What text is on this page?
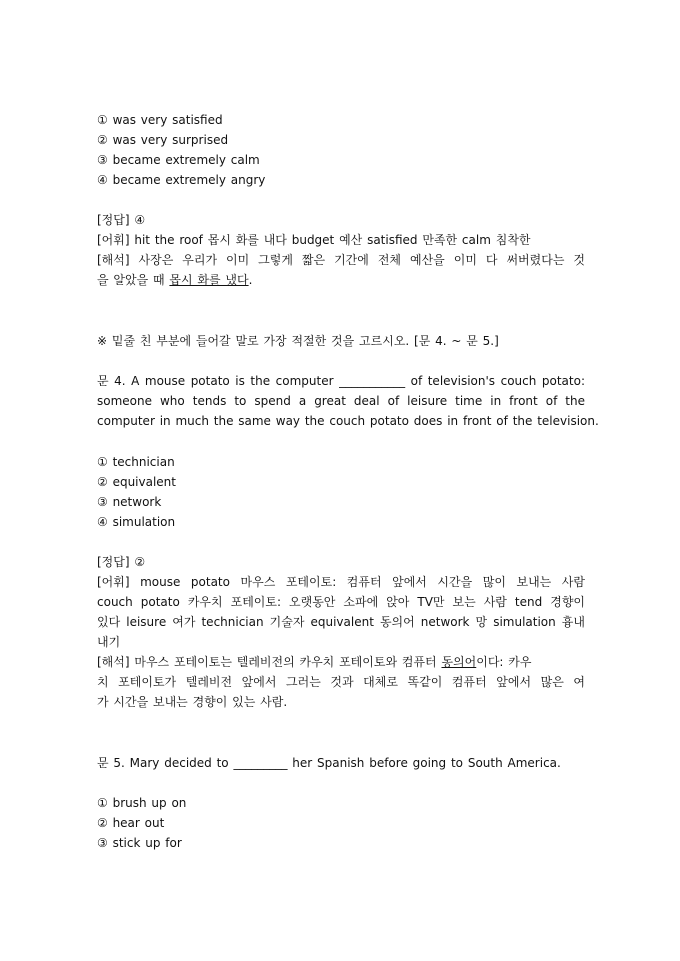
① was very satisfied
② was very surprised
③ became extremely calm
④ became extremely angry
[정답] ④
[어휘] hit the roof 몹시 화를 내다 budget 예산 satisfied 만족한 calm 침착한
[해석] 사장은 우리가 이미 그렇게 짧은 기간에 전체 예산을 이미 다 써버렸다는 것
을 알았을 때 몹시 화를 냈다.
※ 밑줄 친 부분에 들어갈 말로 가장 적절한 것을 고르시오. [문 4. ~ 문 5.]
문 4. A mouse potato is the computer ___________ of television's couch potato:
someone who tends to spend a great deal of leisure time in front of the
computer in much the same way the couch potato does in front of the television.
① technician
② equivalent
③ network
④ simulation
[정답] ②
[어휘] mouse potato 마우스 포테이토: 컴퓨터 앞에서 시간을 많이 보내는 사람
couch potato 카우치 포테이토: 오랫동안 소파에 앉아 TV만 보는 사람 tend 경향이
있다 leisure 여가 technician 기술자 equivalent 동의어 network 망 simulation 흉내
내기
[해석] 마우스 포테이토는 텔레비전의 카우치 포테이토와 컴퓨터 동의어이다: 카우
치 포테이토가 텔레비전 앞에서 그러는 것과 대체로 똑같이 컴퓨터 앞에서 많은 여
가 시간을 보내는 경향이 있는 사람.
문 5. Mary decided to _________ her Spanish before going to South America.
① brush up on
② hear out
③ stick up for
